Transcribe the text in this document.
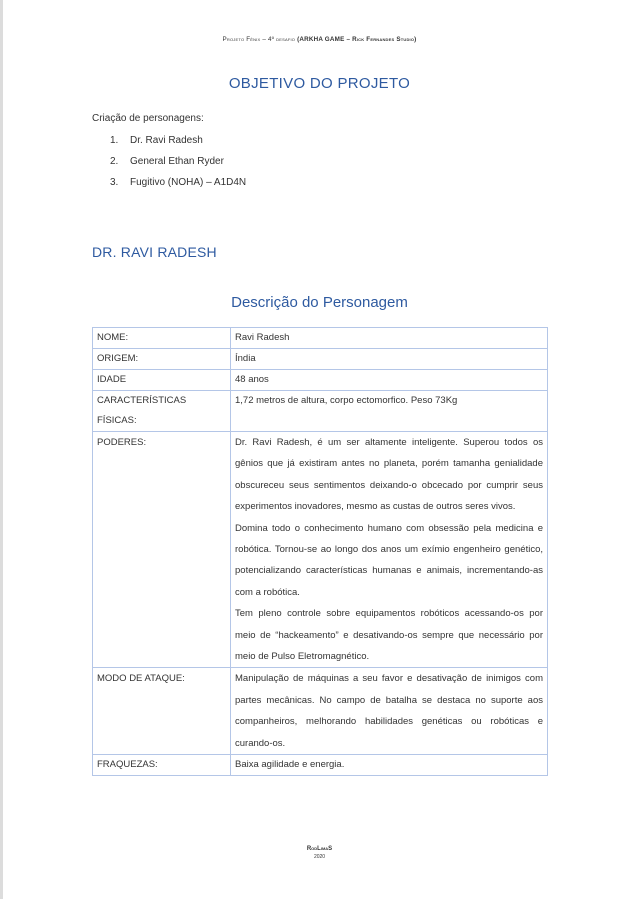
Projeto Fênix – 4º desafio (ARKHA GAME – Rick Fernandes Studio)
OBJETIVO DO PROJETO
Criação de personagens:
1. Dr. Ravi Radesh
2. General Ethan Ryder
3. Fugitivo (NOHA) – A1D4N
DR. RAVI RADESH
Descrição do Personagem
NOME:	Ravi Radesh
ORIGEM:	Índia
IDADE	48 anos
CARACTERÍSTICAS FÍSICAS:	1,72 metros de altura, corpo ectomorfico. Peso 73Kg
PODERES:	Dr. Ravi Radesh, é um ser altamente inteligente. Superou todos os gênios que já existiram antes no planeta, porém tamanha genialidade obscureceu seus sentimentos deixando-o obcecado por cumprir seus experimentos inovadores, mesmo as custas de outros seres vivos.
Domina todo o conhecimento humano com obsessão pela medicina e robótica. Tornou-se ao longo dos anos um exímio engenheiro genético, potencializando características humanas e animais, incrementando-as com a robótica.
Tem pleno controle sobre equipamentos robóticos acessando-os por meio de “hackeamento” e desativando-os sempre que necessário por meio de Pulso Eletromagnético.

MODO DE ATAQUE:	Manipulação de máquinas a seu favor e desativação de inimigos com partes mecânicas. No campo de batalha se destaca no suporte aos companheiros, melhorando habilidades genéticas ou robóticas e curando-os.
FRAQUEZAS:	Baixa agilidade e energia.
RodLimaS
2020
